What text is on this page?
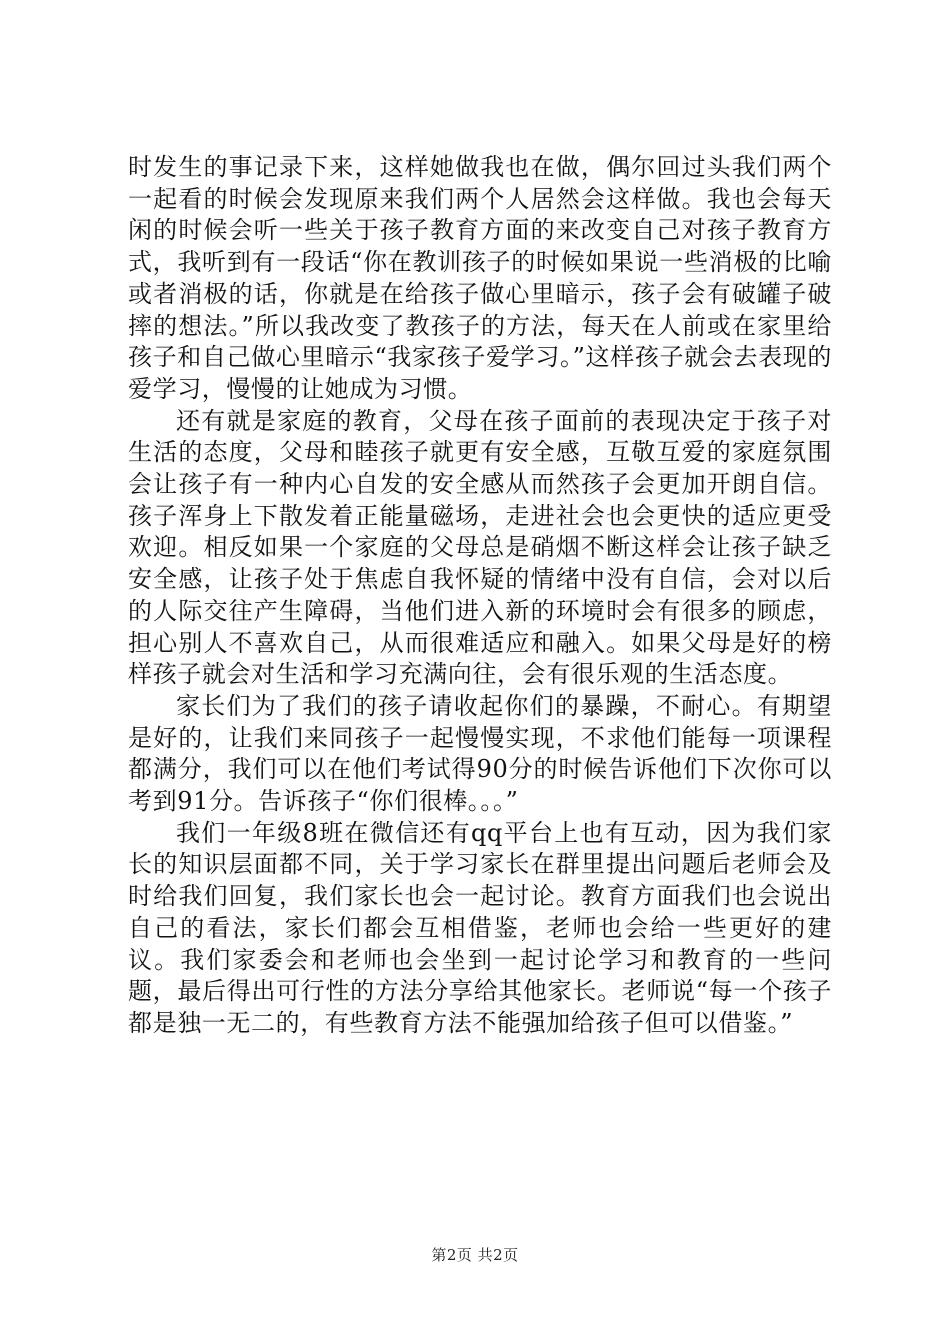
时发生的事记录下来，这样她做我也在做，偶尔回过头我们两个一起看的时候会发现原来我们两个人居然会这样做。我也会每天闲的时候会听一些关于孩子教育方面的来改变自己对孩子教育方式，我听到有一段话“你在教训孩子的时候如果说一些消极的比喻或者消极的话，你就是在给孩子做心里暗示，孩子会有破罐子破摔的想法。”所以我改变了教孩子的方法，每天在人前或在家里给孩子和自己做心里暗示“我家孩子爱学习。”这样孩子就会去表现的爱学习，慢慢的让她成为习惯。

还有就是家庭的教育，父母在孩子面前的表现决定于孩子对生活的态度，父母和睦孩子就更有安全感，互敬互爱的家庭氛围会让孩子有一种内心自发的安全感从而然孩子会更加开朗自信。孩子浑身上下散发着正能量磁场，走进社会也会更快的适应更受欢迎。相反如果一个家庭的父母总是硝烟不断这样会让孩子缺乏安全感，让孩子处于焦虑自我怀疑的情绪中没有自信，会对以后的人际交往产生障碍，当他们进入新的环境时会有很多的顾虑，担心别人不喜欢自己，从而很难适应和融入。如果父母是好的榜样孩子就会对生活和学习充满向往，会有很乐观的生活态度。

家长们为了我们的孩子请收起你们的暴躁，不耐心。有期望是好的，让我们来同孩子一起慢慢实现，不求他们能每一项课程都满分，我们可以在他们考试得90分的时候告诉他们下次你可以考到91分。告诉孩子“你们很棒。。。”

我们一年级8班在微信还有qq平台上也有互动，因为我们家长的知识层面都不同，关于学习家长在群里提出问题后老师会及时给我们回复，我们家长也会一起讨论。教育方面我们也会说出自己的看法，家长们都会互相借鉴，老师也会给一些更好的建议。我们家委会和老师也会坐到一起讨论学习和教育的一些问题，最后得出可行性的方法分享给其他家长。老师说“每一个孩子都是独一无二的，有些教育方法不能强加给孩子但可以借鉴。”

第2页 共2页
